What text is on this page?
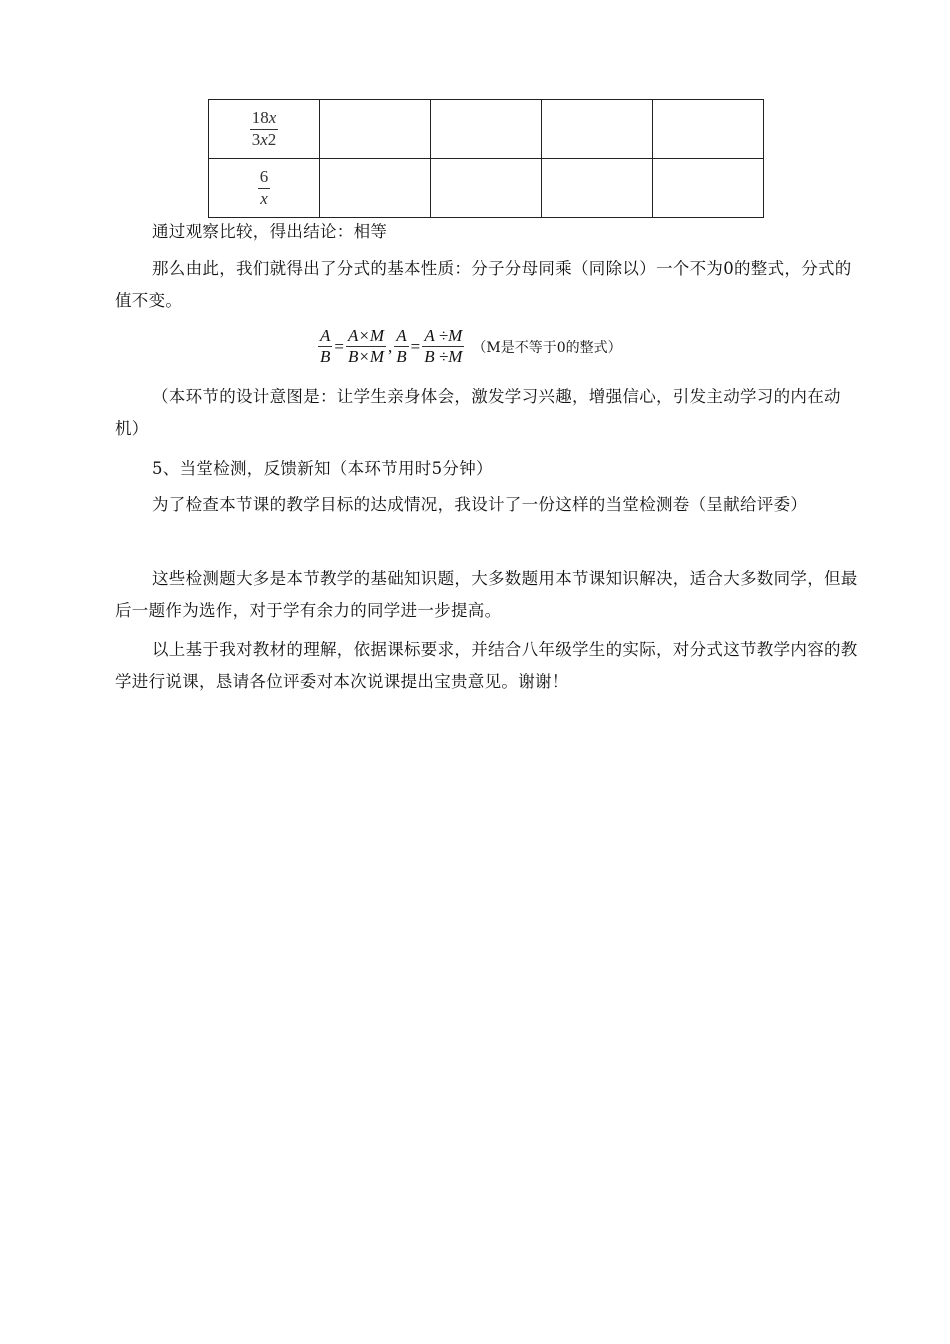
$\frac{18x}{3x2}$

$\frac{6}{x}$

通过观察比较，得出结论：相等
那么由此，我们就得出了分式的基本性质：分子分母同乘（同除以）一个不为0的整式，分式的值不变。
$\frac{A}{B} = \frac{A\times M}{B\times M}$ , $\frac{A}{B} = \frac{A \div M}{B \div M} (M$是不等于0的整式）
（本环节的设计意图是：让学生亲身体会，激发学习兴趣，增强信心，引发主动学习的内在动机）
5、当堂检测，反馈新知（本环节用时5分钟）
为了检查本节课的教学目标的达成情况，我设计了一份这样的当堂检测卷（呈献给评委）
这些检测题大多是本节教学的基础知识题，大多数题用本节课知识解决，适合大多数同学，但最后一题作为选作，对于学有余力的同学进一步提高。
以上基于我对教材的理解，依据课标要求，并结合八年级学生的实际，对分式这节教学内容的教学进行说课，恳请各位评委对本次说课提出宝贵意见。谢谢！
